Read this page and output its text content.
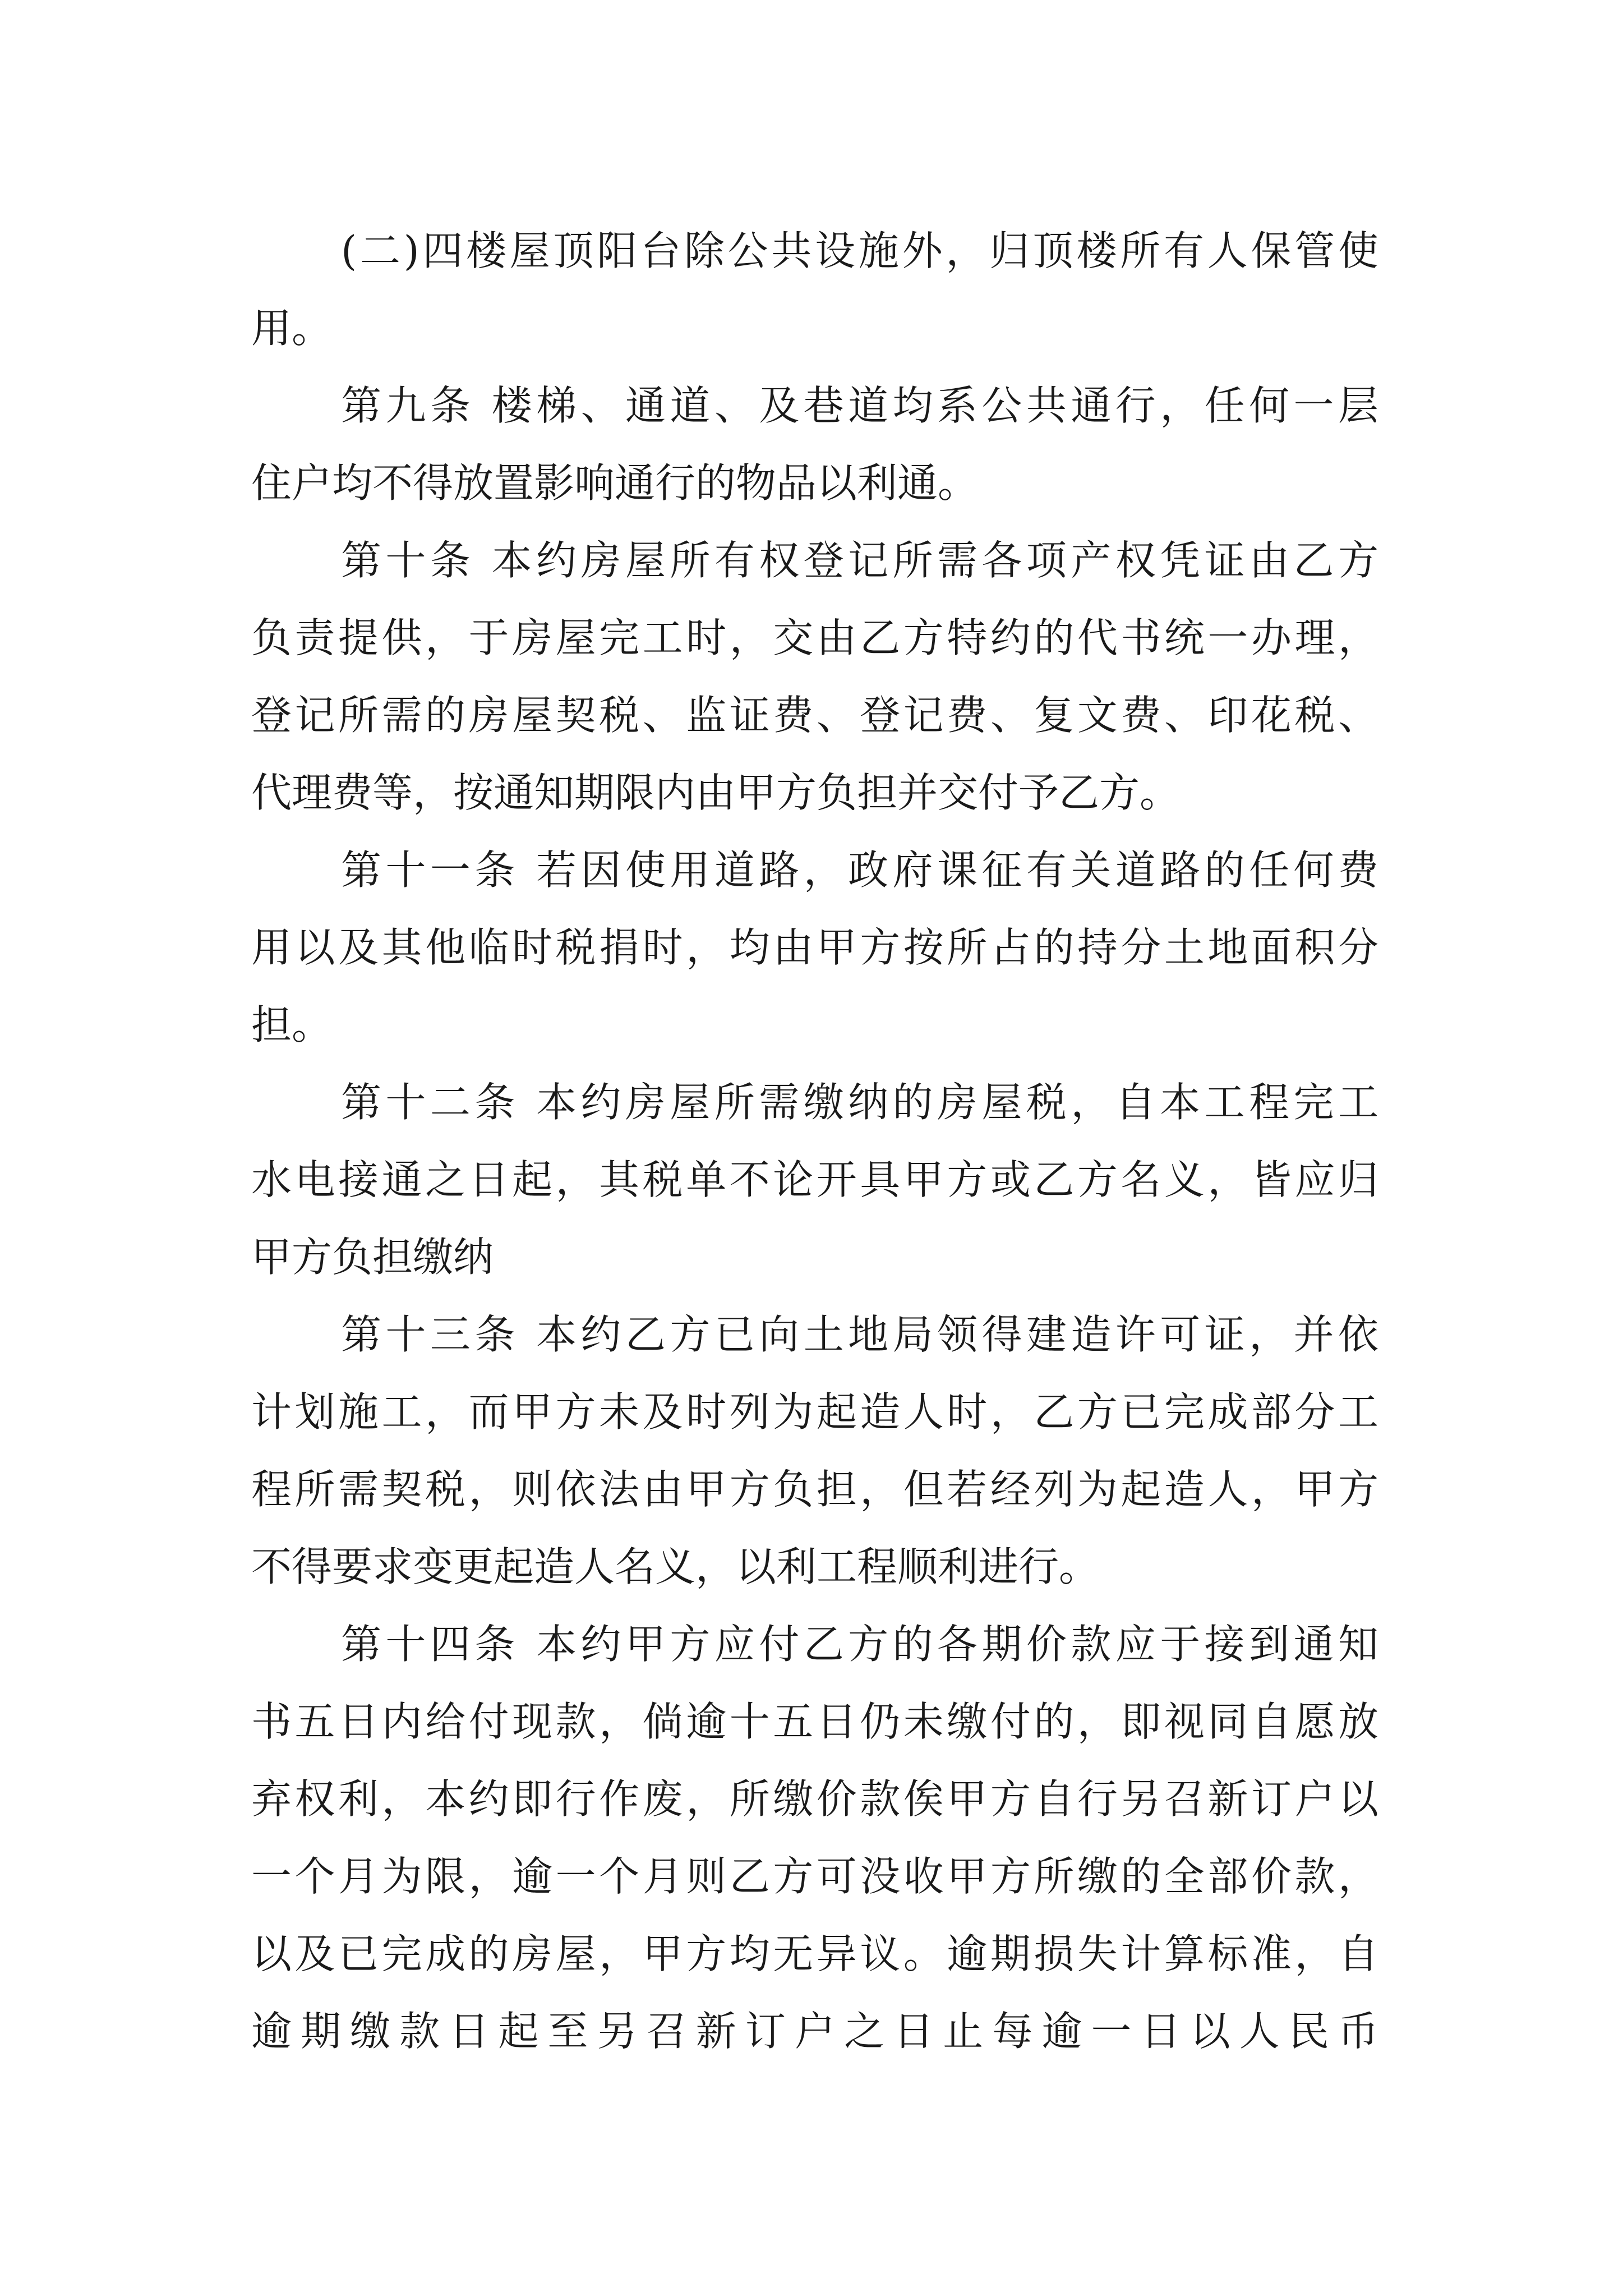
(二)四楼屋顶阳台除公共设施外，归顶楼所有人保管使
用。
第九条 楼梯、通道、及巷道均系公共通行，任何一层
住户均不得放置影响通行的物品以利通。
第十条 本约房屋所有权登记所需各项产权凭证由乙方
负责提供，于房屋完工时，交由乙方特约的代书统一办理，
登记所需的房屋契税、监证费、登记费、复文费、印花税、
代理费等，按通知期限内由甲方负担并交付予乙方。
第十一条 若因使用道路，政府课征有关道路的任何费
用以及其他临时税捐时，均由甲方按所占的持分土地面积分
担。
第十二条 本约房屋所需缴纳的房屋税，自本工程完工
水电接通之日起，其税单不论开具甲方或乙方名义，皆应归
甲方负担缴纳
第十三条 本约乙方已向土地局领得建造许可证，并依
计划施工，而甲方未及时列为起造人时，乙方已完成部分工
程所需契税，则依法由甲方负担，但若经列为起造人，甲方
不得要求变更起造人名义，以利工程顺利进行。
第十四条 本约甲方应付乙方的各期价款应于接到通知
书五日内给付现款，倘逾十五日仍未缴付的，即视同自愿放
弃权利，本约即行作废，所缴价款俟甲方自行另召新订户以
一个月为限，逾一个月则乙方可没收甲方所缴的全部价款，
以及已完成的房屋，甲方均无异议。逾期损失计算标准，自
逾期缴款日起至另召新订户之日止每逾一日以人民币
